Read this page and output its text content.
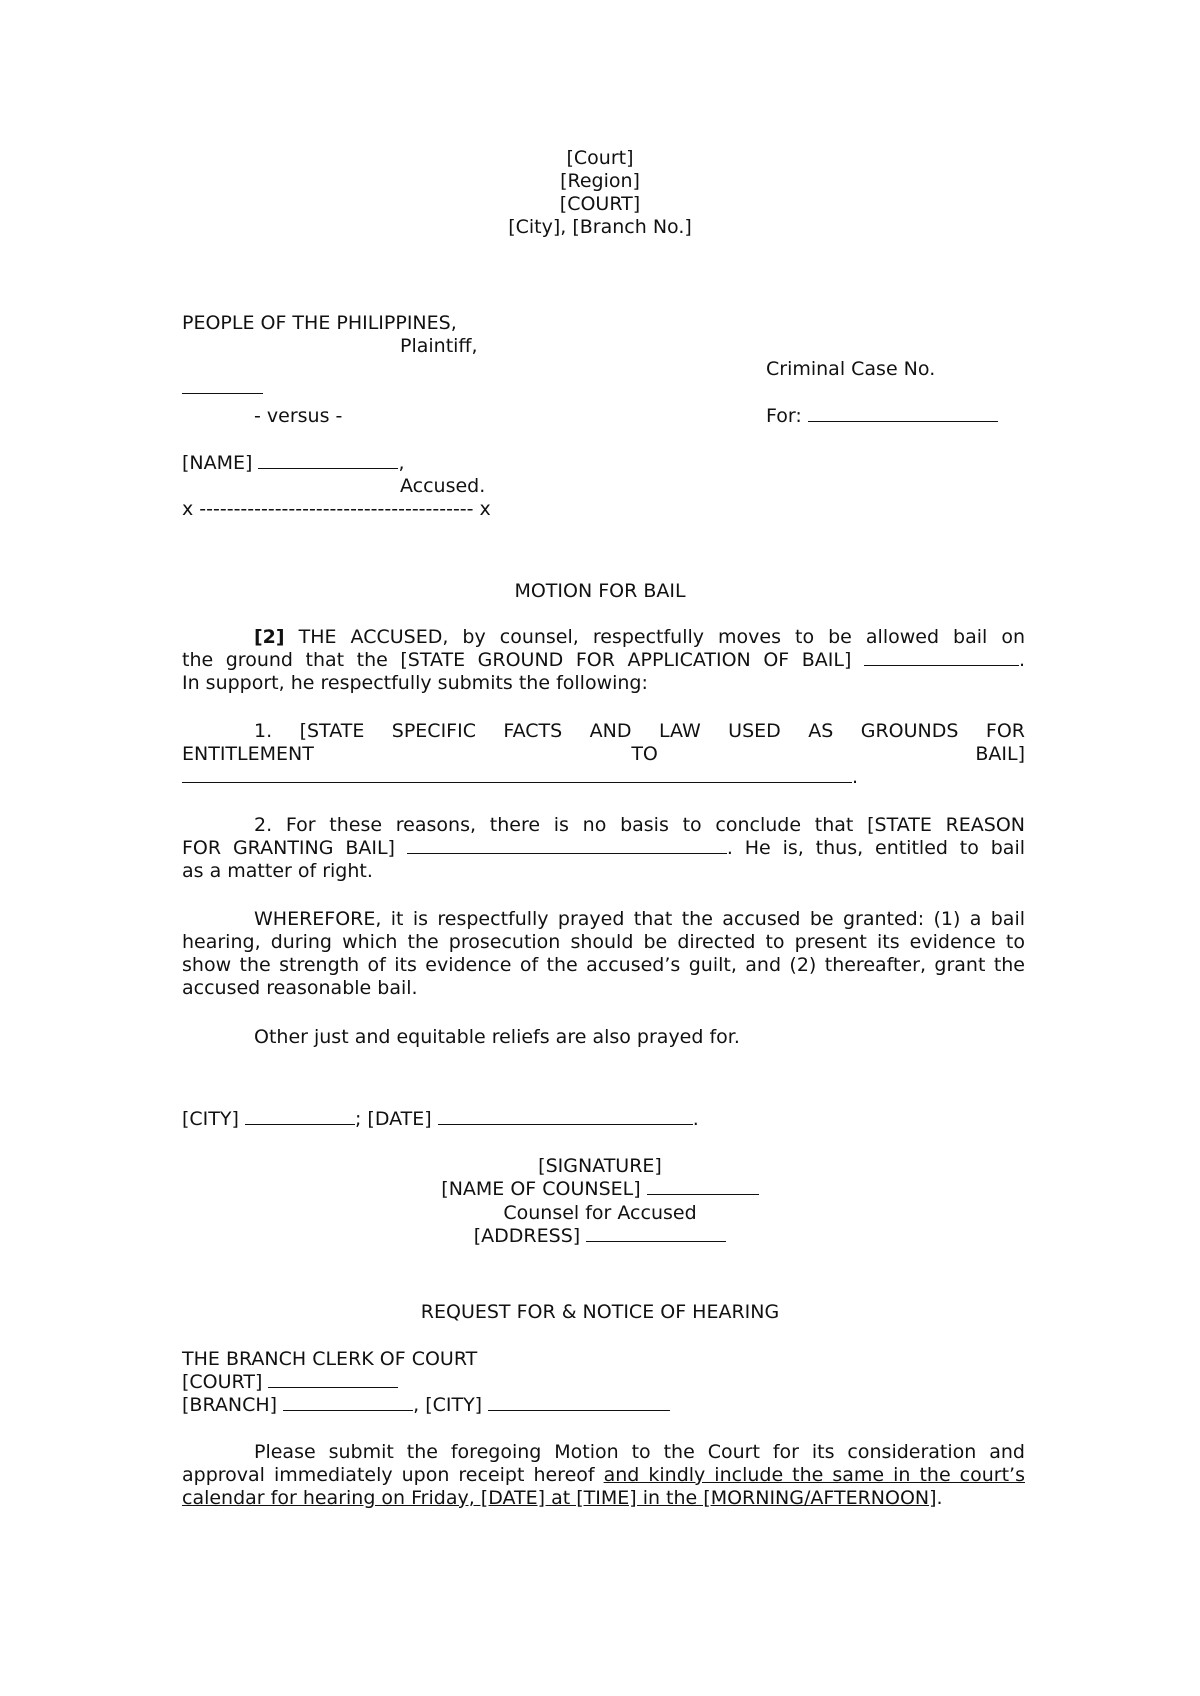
[Court]
[Region]
[COURT]
[City], [Branch No.]
PEOPLE OF THE PHILIPPINES,
Plaintiff,
Criminal Case No.
- versus -	For:
[NAME]	,
Accused.
x ---------------------------------------- x
MOTION FOR BAIL

[2] THE ACCUSED, by counsel, respectfully moves to be allowed bail on

the ground that the [STATE GROUND FOR APPLICATION OF BAIL]	.

In support, he respectfully submits the following:

1. [STATE SPECIFIC FACTS AND LAW USED AS GROUNDS FOR

ENTITLEMENT                                        TO                                        BAIL]

.

2. For these reasons, there is no basis to conclude that [STATE REASON

FOR GRANTING BAIL]	. He is, thus, entitled to bail

as a matter of right.

WHEREFORE, it is respectfully prayed that the accused be granted: (1) a bail hearing, during which the prosecution should be directed to present its evidence to show the strength of its evidence of the accused’s guilt, and (2) thereafter, grant the accused reasonable bail.

Other just and equitable reliefs are also prayed for.

[CITY]	; [DATE]	.
[SIGNATURE]
[NAME OF COUNSEL]
Counsel for Accused
[ADDRESS]
REQUEST FOR & NOTICE OF HEARING
THE BRANCH CLERK OF COURT
[COURT]
[BRANCH]	, [CITY]

Please submit the foregoing Motion to the Court for its consideration and approval immediately upon receipt hereof and kindly include the same in the court’s calendar for hearing on Friday, [DATE] at [TIME] in the [MORNING/AFTERNOON].
